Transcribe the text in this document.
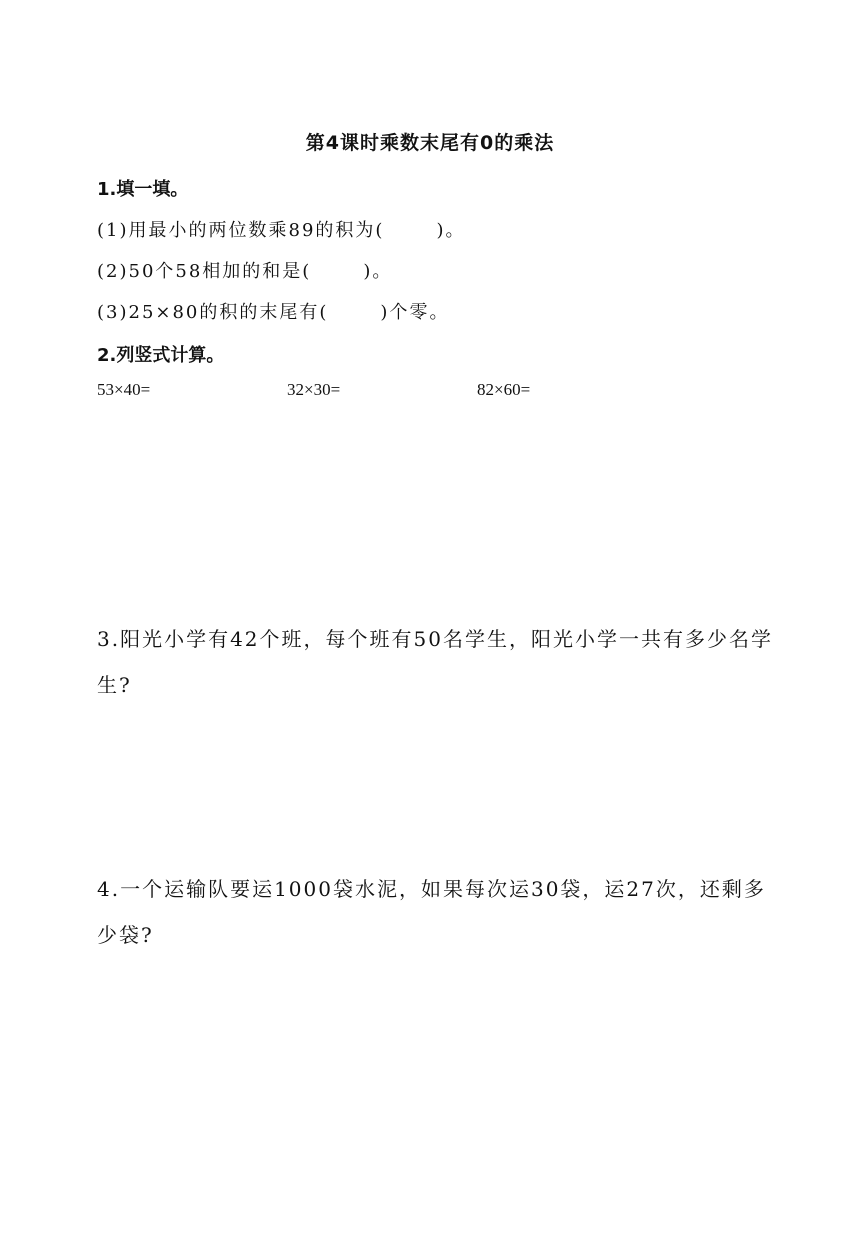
第4课时乘数末尾有0的乘法
1.填一填。
(1)用最小的两位数乘89的积为(	)。
(2)50个58相加的和是(	)。
(3)25×80的积的末尾有(	)个零。
2.列竖式计算。
53×40=	32×30=	82×60=
3.阳光小学有42个班，每个班有50名学生，阳光小学一共有多少名学生?
4.一个运输队要运1000袋水泥，如果每次运30袋，运27次，还剩多少袋?
